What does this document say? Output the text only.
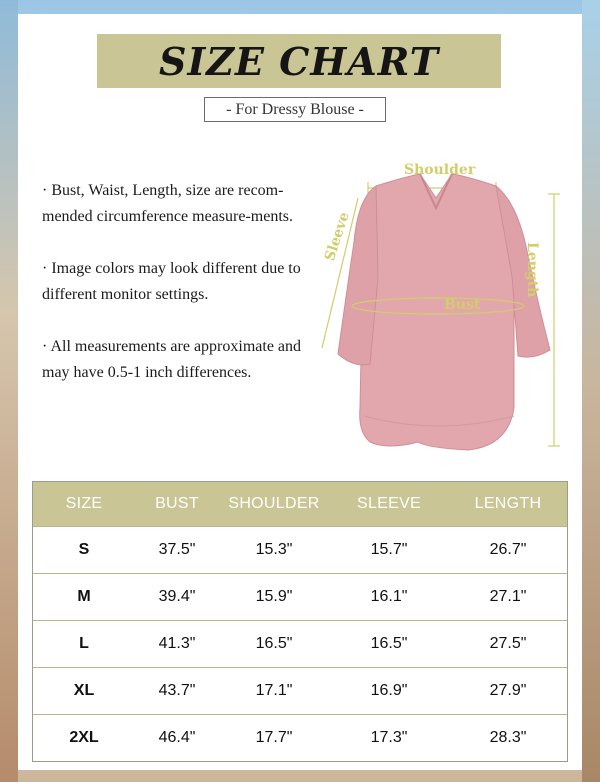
SIZE CHART
- For Dressy Blouse -

· Bust, Waist, Length, size are recom-mended circumference measure-ments.

· Image colors may look different due to different monitor settings.

· All measurements are approximate and may have 0.5-1 inch differences.

Shoulder
Bust
Sleeve
Length
SIZE	BUST	SHOULDER	SLEEVE	LENGTH
S	37.5"	15.3"	15.7"	26.7"
M	39.4"	15.9"	16.1"	27.1"
L	41.3"	16.5"	16.5"	27.5"
XL	43.7"	17.1"	16.9"	27.9"
2XL	46.4"	17.7"	17.3"	28.3"
